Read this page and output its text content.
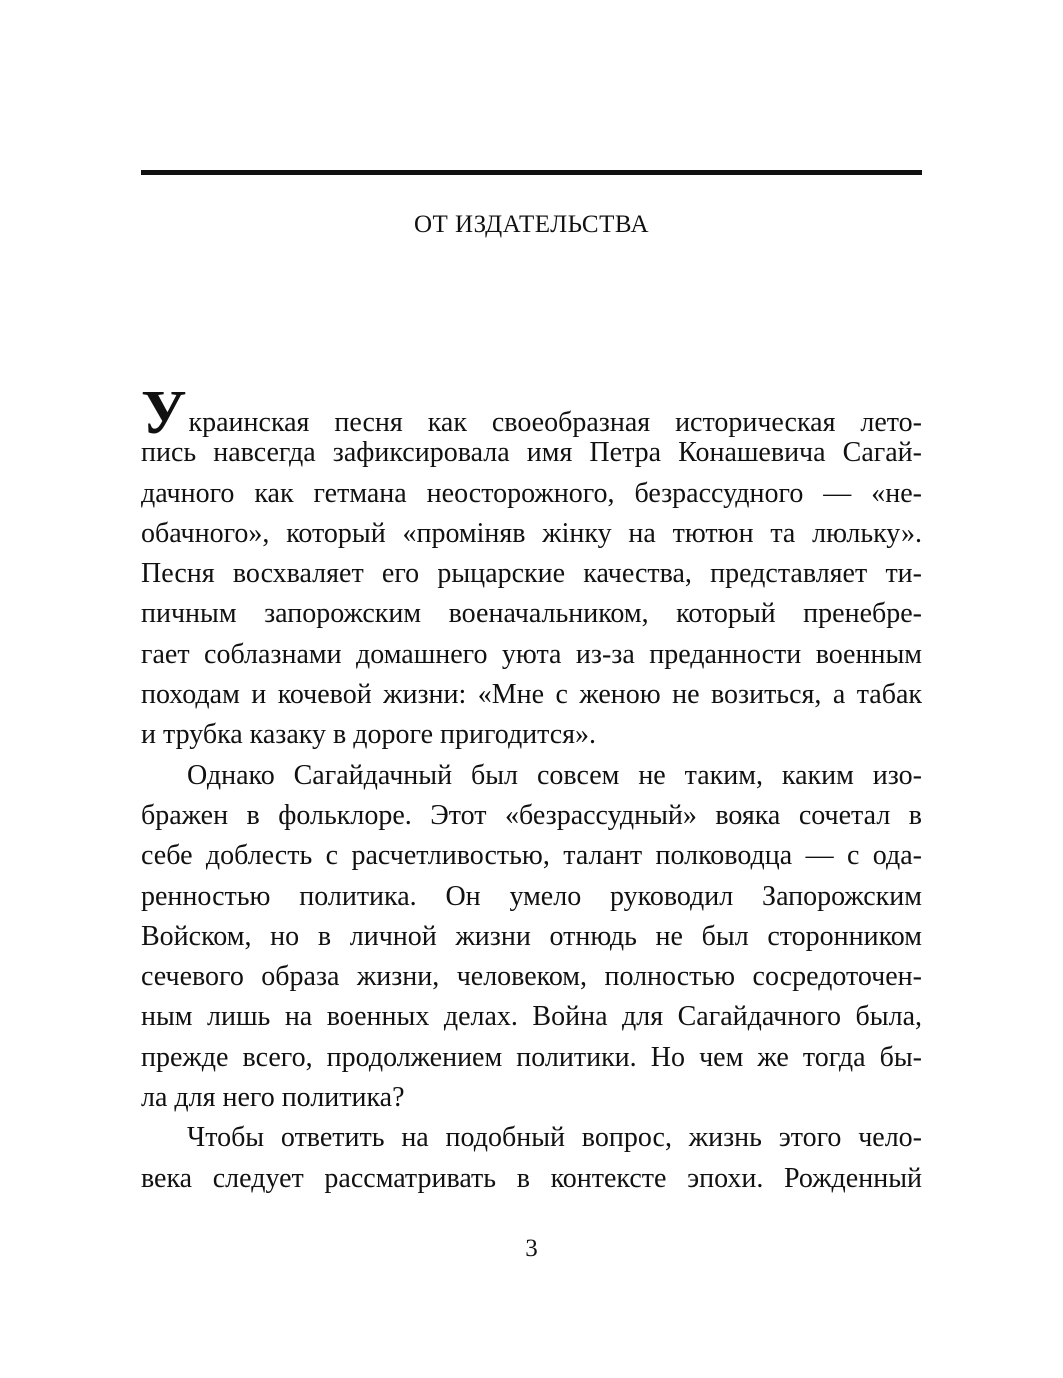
ОТ ИЗДАТЕЛЬСТВА

Украинская песня как своеобразная историческая лето-
пись навсегда зафиксировала имя Петра Конашевича Сагай-
дачного как гетмана неосторожного, безрассудного — «не-
обачного», который «проміняв жінку на тютюн та люльку».
Песня восхваляет его рыцарские качества, представляет ти-
пичным запорожским военачальником, который пренебре-
гает соблазнами домашнего уюта из-за преданности военным
походам и кочевой жизни: «Мне с женою не возиться, а табак
и трубка казаку в дороге пригодится».

Однако Сагайдачный был совсем не таким, каким изо-
бражен в фольклоре. Этот «безрассудный» вояка сочетал в
себе доблесть с расчетливостью, талант полководца — с ода-
ренностью политика. Он умело руководил Запорожским
Войском, но в личной жизни отнюдь не был сторонником
сечевого образа жизни, человеком, полностью сосредоточен-
ным лишь на военных делах. Война для Сагайдачного была,
прежде всего, продолжением политики. Но чем же тогда бы-
ла для него политика?

Чтобы ответить на подобный вопрос, жизнь этого чело-
века следует рассматривать в контексте эпохи. Рожденный

3
